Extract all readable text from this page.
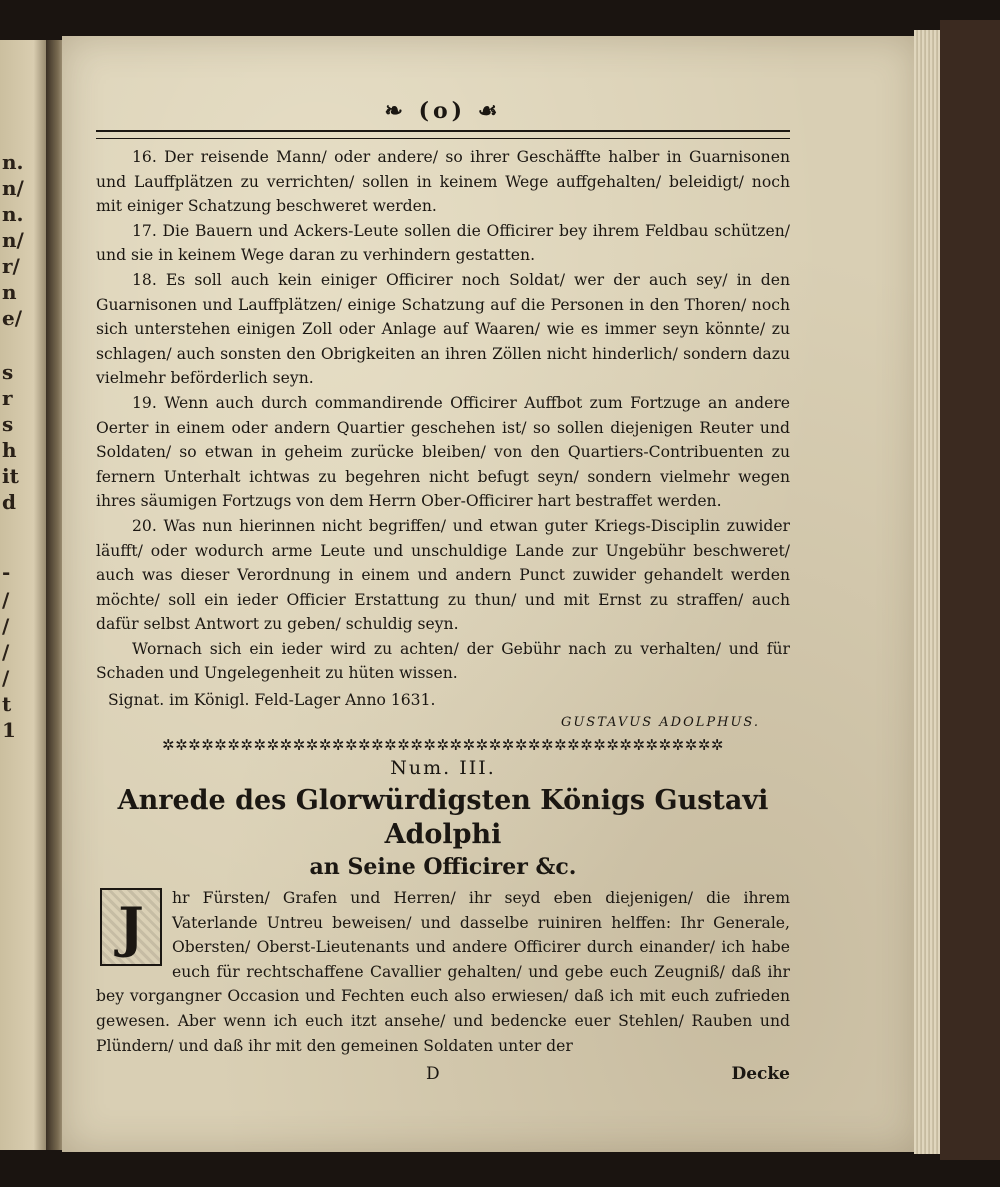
n.
n/
n.
n/
r/
n
e/
s
r
s
h
it
d
-
/
/
/
/
t
1
❧ (o) ☙

16. Der reisende Mann/ oder andere/ so ihrer Geschäffte halber in Guarnisonen und Lauffplätzen zu verrichten/ sollen in keinem Wege auffgehalten/ beleidigt/ noch mit einiger Schatzung beschweret werden.

17. Die Bauern und Ackers-Leute sollen die Officirer bey ihrem Feldbau schützen/ und sie in keinem Wege daran zu verhindern gestatten.

18. Es soll auch kein einiger Officirer noch Soldat/ wer der auch sey/ in den Guarnisonen und Lauffplätzen/ einige Schatzung auf die Personen in den Thoren/ noch sich unterstehen einigen Zoll oder Anlage auf Waaren/ wie es immer seyn könnte/ zu schlagen/ auch sonsten den Obrigkeiten an ihren Zöllen nicht hinderlich/ sondern dazu vielmehr beförderlich seyn.

19. Wenn auch durch commandirende Officirer Auffbot zum Fortzuge an andere Oerter in einem oder andern Quartier geschehen ist/ so sollen diejenigen Reuter und Soldaten/ so etwan in geheim zurücke bleiben/ von den Quartiers-Contribuenten zu fernern Unterhalt ichtwas zu begehren nicht befugt seyn/ sondern vielmehr wegen ihres säumigen Fortzugs von dem Herrn Ober-Officirer hart bestraffet werden.

20. Was nun hierinnen nicht begriffen/ und etwan guter Kriegs-Disciplin zuwider läufft/ oder wodurch arme Leute und unschuldige Lande zur Ungebühr beschweret/ auch was dieser Verordnung in einem und andern Punct zuwider gehandelt werden möchte/ soll ein ieder Officier Erstattung zu thun/ und mit Ernst zu straffen/ auch dafür selbst Antwort zu geben/ schuldig seyn.

Wornach sich ein ieder wird zu achten/ der Gebühr nach zu verhalten/ und für Schaden und Ungelegenheit zu hüten wissen.

Signat. im Königl. Feld-Lager Anno 1631.
GUSTAVUS ADOLPHUS.
✲✲✲✲✲✲✲✲✲✲✲✲✲✲✲✲✲✲✲✲✲✲✲✲✲✲✲✲✲✲✲✲✲✲✲✲✲✲✲✲✲✲✲
Num. III.
Anrede des Glorwürdigsten Königs Gustavi Adolphi
an Seine Officirer &c.
J	hr Fürsten/ Grafen und Herren/ ihr seyd eben diejenigen/ die ihrem Vaterlande Untreu beweisen/ und dasselbe ruiniren helffen: Ihr Generale, Obersten/ Oberst-Lieutenants und andere Officirer durch einander/ ich habe euch für rechtschaffene Cavallier gehalten/ und gebe euch Zeugniß/ daß ihr bey vorgangner Occasion und Fechten euch also erwiesen/ daß ich mit euch zufrieden gewesen. Aber wenn ich euch itzt ansehe/ und bedencke euer Stehlen/ Rauben und Plündern/ und daß ihr mit den gemeinen Soldaten unter der

D	Decke
